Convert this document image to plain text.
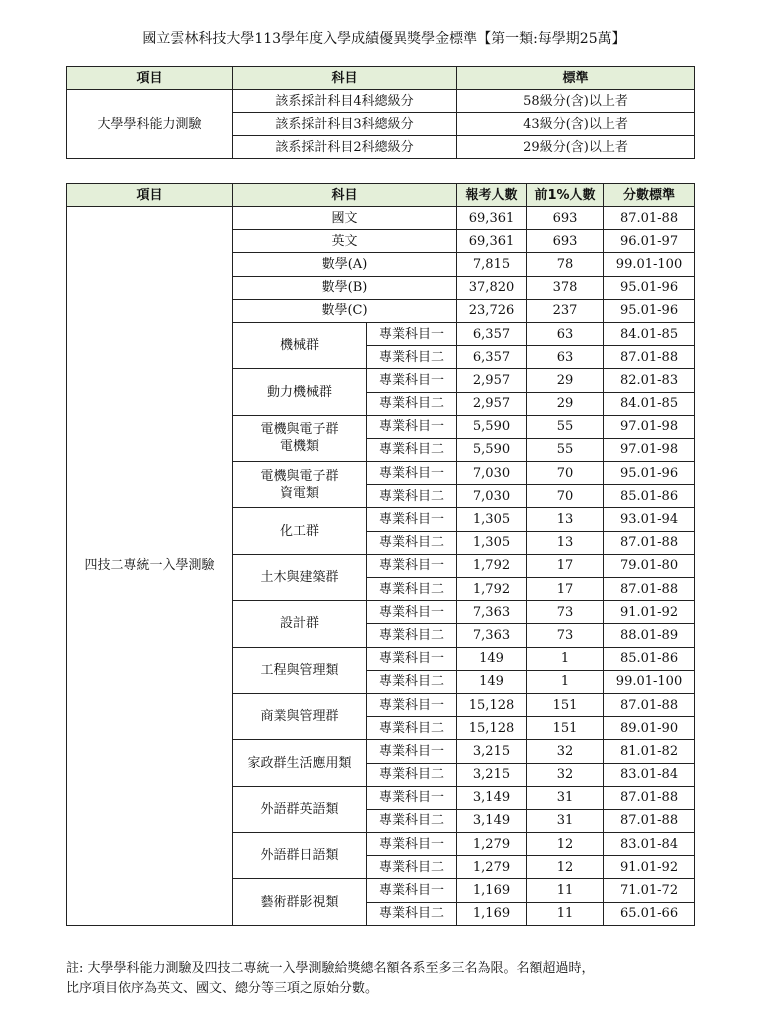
國立雲林科技大學113學年度入學成績優異獎學金標準【第一類:每學期25萬】
項目	科目	標準
大學學科能力測驗	該系採計科目4科總級分	58級分(含)以上者
	該系採計科目3科總級分	43級分(含)以上者
	該系採計科目2科總級分	29級分(含)以上者
項目	科目		報考人數	前1%人數	分數標準
四技二專統一入學測驗	國文		69,361	693	87.01-88
	英文		69,361	693	96.01-97
	數學(A)		7,815	78	99.01-100
	數學(B)		37,820	378	95.01-96
	數學(C)		23,726	237	95.01-96

	機械群	專業科目一	6,357	63	84.01-85
		專業科目二	6,357	63	87.01-88

	動力機械群	專業科目一	2,957	29	82.01-83
		專業科目二	2,957	29	84.01-85

	電機與電子群
電機類	專業科目一	5,590	55	97.01-98
		專業科目二	5,590	55	97.01-98

	電機與電子群
資電類	專業科目一	7,030	70	95.01-96
		專業科目二	7,030	70	85.01-86

	化工群	專業科目一	1,305	13	93.01-94
		專業科目二	1,305	13	87.01-88

	土木與建築群	專業科目一	1,792	17	79.01-80
		專業科目二	1,792	17	87.01-88

	設計群	專業科目一	7,363	73	91.01-92
		專業科目二	7,363	73	88.01-89

	工程與管理類	專業科目一	149	1	85.01-86
		專業科目二	149	1	99.01-100

	商業與管理群	專業科目一	15,128	151	87.01-88
		專業科目二	15,128	151	89.01-90

	家政群生活應用類	專業科目一	3,215	32	81.01-82
		專業科目二	3,215	32	83.01-84

	外語群英語類	專業科目一	3,149	31	87.01-88
		專業科目二	3,149	31	87.01-88

	外語群日語類	專業科目一	1,279	12	83.01-84
		專業科目二	1,279	12	91.01-92

	藝術群影視類	專業科目一	1,169	11	71.01-72
		專業科目二	1,169	11	65.01-66
註: 大學學科能力測驗及四技二專統一入學測驗給獎總名額各系至多三名為限。名額超過時，
比序項目依序為英文、國文、總分等三項之原始分數。
